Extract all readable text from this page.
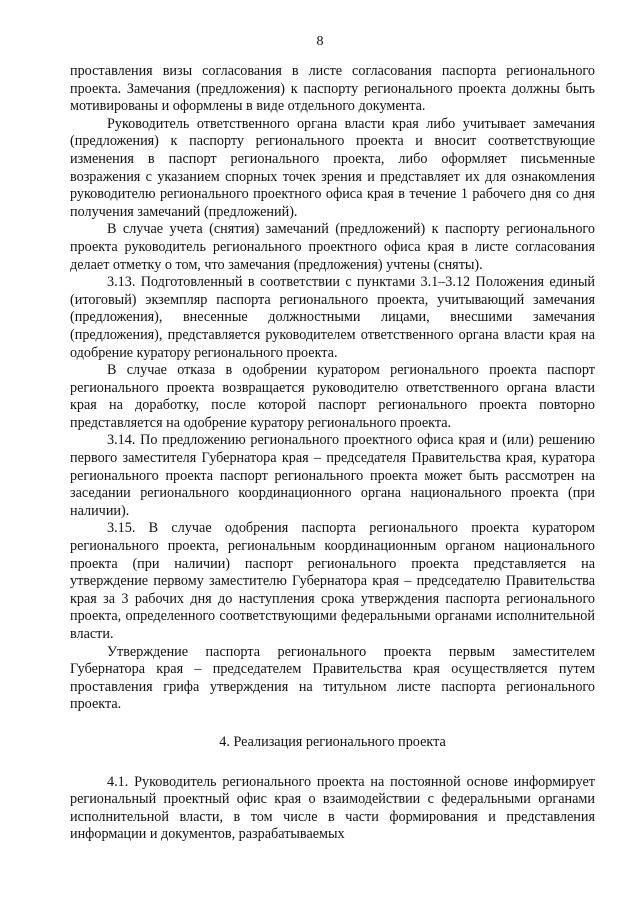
8

проставления визы согласования в листе согласования паспорта регионального проекта. Замечания (предложения) к паспорту регионального проекта должны быть мотивированы и оформлены в виде отдельного документа.

Руководитель ответственного органа власти края либо учитывает замечания (предложения) к паспорту регионального проекта и вносит соответствующие изменения в паспорт регионального проекта, либо оформляет письменные возражения с указанием спорных точек зрения и представляет их для ознакомления руководителю регионального проектного офиса края в течение 1 рабочего дня со дня получения замечаний (предложений).

В случае учета (снятия) замечаний (предложений) к паспорту регионального проекта руководитель регионального проектного офиса края в листе согласования делает отметку о том, что замечания (предложения) учтены (сняты).

3.13. Подготовленный в соответствии с пунктами 3.1–3.12 Положения единый (итоговый) экземпляр паспорта регионального проекта, учитывающий замечания (предложения), внесенные должностными лицами, внесшими замечания (предложения), представляется руководителем ответственного органа власти края на одобрение куратору регионального проекта.

В случае отказа в одобрении куратором регионального проекта паспорт регионального проекта возвращается руководителю ответственного органа власти края на доработку, после которой паспорт регионального проекта повторно представляется на одобрение куратору регионального проекта.

3.14. По предложению регионального проектного офиса края и (или) решению первого заместителя Губернатора края – председателя Правительства края, куратора регионального проекта паспорт регионального проекта может быть рассмотрен на заседании регионального координационного органа национального проекта (при наличии).

3.15. В случае одобрения паспорта регионального проекта куратором регионального проекта, региональным координационным органом национального проекта (при наличии) паспорт регионального проекта представляется на утверждение первому заместителю Губернатора края – председателю Правительства края за 3 рабочих дня до наступления срока утверждения паспорта регионального проекта, определенного соответствующими федеральными органами исполнительной власти.

Утверждение паспорта регионального проекта первым заместителем Губернатора края – председателем Правительства края осуществляется путем проставления грифа утверждения на титульном листе паспорта регионального проекта.

4. Реализация регионального проекта

4.1. Руководитель регионального проекта на постоянной основе информирует региональный проектный офис края о взаимодействии с федеральными органами исполнительной власти, в том числе в части формирования и представления информации и документов, разрабатываемых
